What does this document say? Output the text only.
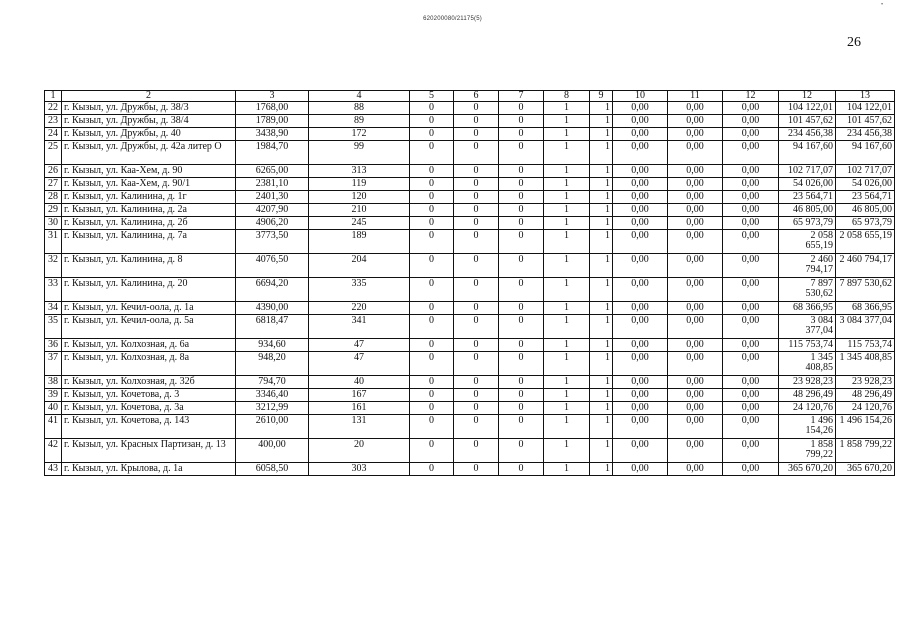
620200080/21175(5)
•
26
1	2	3	4	5	6	7	8	9	10	11	12	12	13
22	г. Кызыл, ул. Дружбы, д. 38/3	1768,00	88	0	0	0	1	1	0,00	0,00	0,00	104 122,01	104 122,01
23	г. Кызыл, ул. Дружбы, д. 38/4	1789,00	89	0	0	0	1	1	0,00	0,00	0,00	101 457,62	101 457,62
24	г. Кызыл, ул. Дружбы, д. 40	3438,90	172	0	0	0	1	1	0,00	0,00	0,00	234 456,38	234 456,38
25	г. Кызыл, ул. Дружбы, д. 42а литер О	1984,70	99	0	0	0	1	1	0,00	0,00	0,00	94 167,60	94 167,60
26	г. Кызыл, ул. Каа-Хем, д. 90	6265,00	313	0	0	0	1	1	0,00	0,00	0,00	102 717,07	102 717,07
27	г. Кызыл, ул. Каа-Хем, д. 90/1	2381,10	119	0	0	0	1	1	0,00	0,00	0,00	54 026,00	54 026,00
28	г. Кызыл, ул. Калинина, д. 1г	2401,30	120	0	0	0	1	1	0,00	0,00	0,00	23 564,71	23 564,71
29	г. Кызыл, ул. Калинина, д. 2а	4207,90	210	0	0	0	1	1	0,00	0,00	0,00	46 805,00	46 805,00
30	г. Кызыл, ул. Калинина, д. 2б	4906,20	245	0	0	0	1	1	0,00	0,00	0,00	65 973,79	65 973,79
31	г. Кызыл, ул. Калинина, д. 7а	3773,50	189	0	0	0	1	1	0,00	0,00	0,00	2 058 655,19	2 058 655,19
32	г. Кызыл, ул. Калинина, д. 8	4076,50	204	0	0	0	1	1	0,00	0,00	0,00	2 460 794,17	2 460 794,17
33	г. Кызыл, ул. Калинина, д. 20	6694,20	335	0	0	0	1	1	0,00	0,00	0,00	7 897 530,62	7 897 530,62
34	г. Кызыл, ул. Кечил-оола, д. 1а	4390,00	220	0	0	0	1	1	0,00	0,00	0,00	68 366,95	68 366,95
35	г. Кызыл, ул. Кечил-оола, д. 5а	6818,47	341	0	0	0	1	1	0,00	0,00	0,00	3 084 377,04	3 084 377,04
36	г. Кызыл, ул. Колхозная, д. 6а	934,60	47	0	0	0	1	1	0,00	0,00	0,00	115 753,74	115 753,74
37	г. Кызыл, ул. Колхозная, д. 8а	948,20	47	0	0	0	1	1	0,00	0,00	0,00	1 345 408,85	1 345 408,85
38	г. Кызыл, ул. Колхозная, д. 32б	794,70	40	0	0	0	1	1	0,00	0,00	0,00	23 928,23	23 928,23
39	г. Кызыл, ул. Кочетова, д. 3	3346,40	167	0	0	0	1	1	0,00	0,00	0,00	48 296,49	48 296,49
40	г. Кызыл, ул. Кочетова, д. 3а	3212,99	161	0	0	0	1	1	0,00	0,00	0,00	24 120,76	24 120,76
41	г. Кызыл, ул. Кочетова, д. 143	2610,00	131	0	0	0	1	1	0,00	0,00	0,00	1 496 154,26	1 496 154,26
42	г. Кызыл, ул. Красных Партизан, д. 13	400,00	20	0	0	0	1	1	0,00	0,00	0,00	1 858 799,22	1 858 799,22
43	г. Кызыл, ул. Крылова, д. 1а	6058,50	303	0	0	0	1	1	0,00	0,00	0,00	365 670,20	365 670,20
